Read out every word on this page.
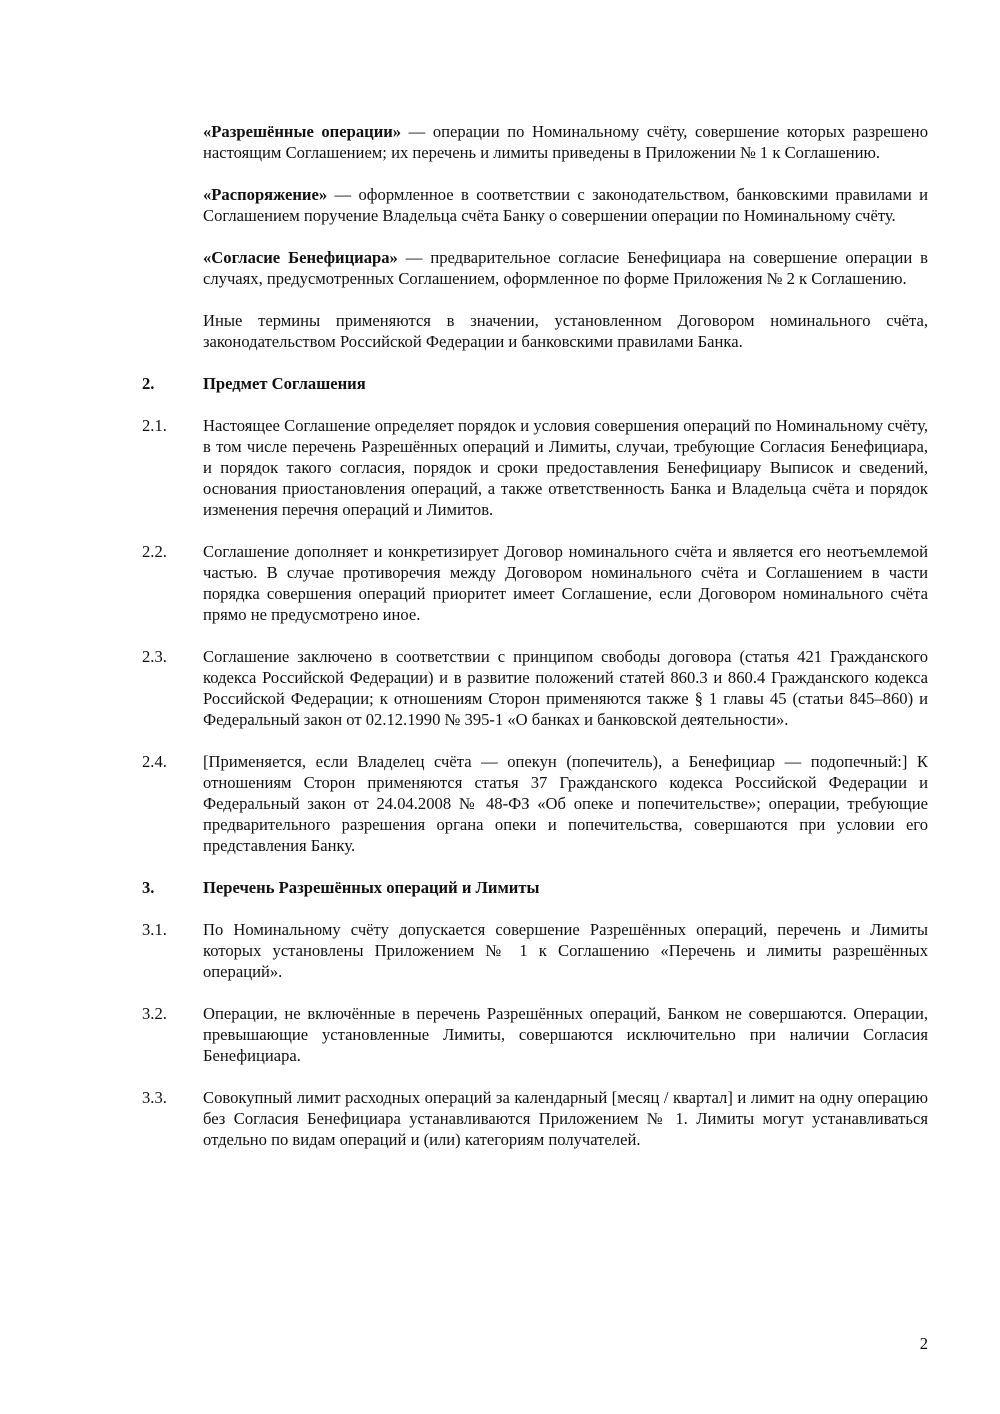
«Разрешённые операции» — операции по Номинальному счёту, совершение которых разрешено настоящим Соглашением; их перечень и лимиты приведены в Приложении № 1 к Соглашению.

«Распоряжение» — оформленное в соответствии с законодательством, банковскими правилами и Соглашением поручение Владельца счёта Банку о совершении операции по Номинальному счёту.

«Согласие Бенефициара» — предварительное согласие Бенефициара на совершение операции в случаях, предусмотренных Соглашением, оформленное по форме Приложения № 2 к Соглашению.

Иные термины применяются в значении, установленном Договором номинального счёта, законодательством Российской Федерации и банковскими правилами Банка.

2.	Предмет Соглашения
2.1.	Настоящее Соглашение определяет порядок и условия совершения операций по Номинальному счёту, в том числе перечень Разрешённых операций и Лимиты, случаи, требующие Согласия Бенефициара, и порядок такого согласия, порядок и сроки предоставления Бенефициару Выписок и сведений, основания приостановления операций, а также ответственность Банка и Владельца счёта и порядок изменения перечня операций и Лимитов.

2.2.	Соглашение дополняет и конкретизирует Договор номинального счёта и является его неотъемлемой частью. В случае противоречия между Договором номинального счёта и Соглашением в части порядка совершения операций приоритет имеет Соглашение, если Договором номинального счёта прямо не предусмотрено иное.

2.3.	Соглашение заключено в соответствии с принципом свободы договора (статья 421 Гражданского кодекса Российской Федерации) и в развитие положений статей 860.3 и 860.4 Гражданского кодекса Российской Федерации; к отношениям Сторон применяются также § 1 главы 45 (статьи 845–860) и Федеральный закон от 02.12.1990 № 395-1 «О банках и банковской деятельности».

2.4.	[Применяется, если Владелец счёта — опекун (попечитель), а Бенефициар — подопечный:] К отношениям Сторон применяются статья 37 Гражданского кодекса Российской Федерации и Федеральный закон от 24.04.2008 № 48-ФЗ «Об опеке и попечительстве»; операции, требующие предварительного разрешения органа опеки и попечительства, совершаются при условии его представления Банку.

3.	Перечень Разрешённых операций и Лимиты
3.1.	По Номинальному счёту допускается совершение Разрешённых операций, перечень и Лимиты которых установлены Приложением № 1 к Соглашению «Перечень и лимиты разрешённых операций».

3.2.	Операции, не включённые в перечень Разрешённых операций, Банком не совершаются. Операции, превышающие установленные Лимиты, совершаются исключительно при наличии Согласия Бенефициара.

3.3.	Совокупный лимит расходных операций за календарный [месяц / квартал] и лимит на одну операцию без Согласия Бенефициара устанавливаются Приложением № 1. Лимиты могут устанавливаться отдельно по видам операций и (или) категориям получателей.

2
